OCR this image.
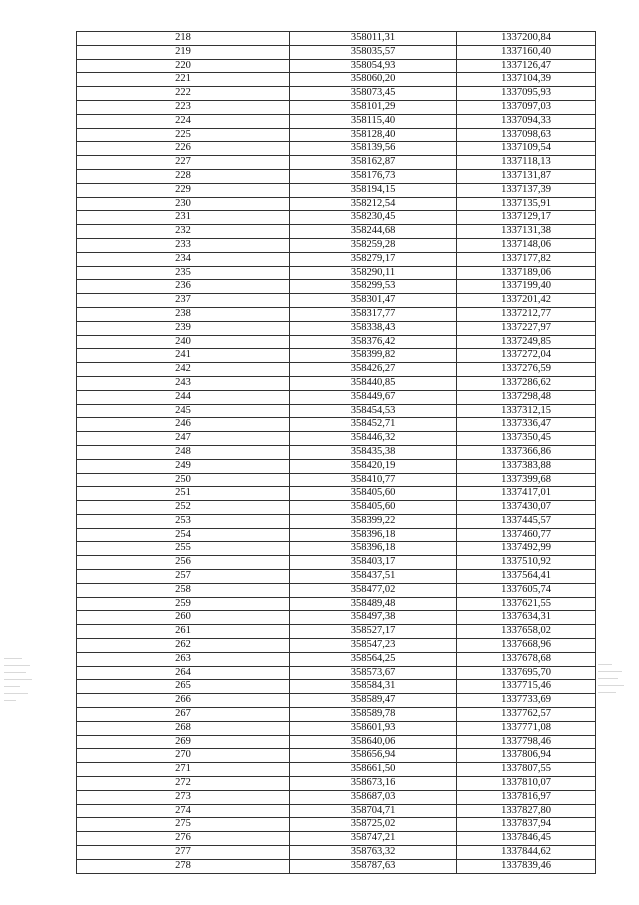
218	358011,31	1337200,84
219	358035,57	1337160,40
220	358054,93	1337126,47
221	358060,20	1337104,39
222	358073,45	1337095,93
223	358101,29	1337097,03
224	358115,40	1337094,33
225	358128,40	1337098,63
226	358139,56	1337109,54
227	358162,87	1337118,13
228	358176,73	1337131,87
229	358194,15	1337137,39
230	358212,54	1337135,91
231	358230,45	1337129,17
232	358244,68	1337131,38
233	358259,28	1337148,06
234	358279,17	1337177,82
235	358290,11	1337189,06
236	358299,53	1337199,40
237	358301,47	1337201,42
238	358317,77	1337212,77
239	358338,43	1337227,97
240	358376,42	1337249,85
241	358399,82	1337272,04
242	358426,27	1337276,59
243	358440,85	1337286,62
244	358449,67	1337298,48
245	358454,53	1337312,15
246	358452,71	1337336,47
247	358446,32	1337350,45
248	358435,38	1337366,86
249	358420,19	1337383,88
250	358410,77	1337399,68
251	358405,60	1337417,01
252	358405,60	1337430,07
253	358399,22	1337445,57
254	358396,18	1337460,77
255	358396,18	1337492,99
256	358403,17	1337510,92
257	358437,51	1337564,41
258	358477,02	1337605,74
259	358489,48	1337621,55
260	358497,38	1337634,31
261	358527,17	1337658,02
262	358547,23	1337668,96
263	358564,25	1337678,68
264	358573,67	1337695,70
265	358584,31	1337715,46
266	358589,47	1337733,69
267	358589,78	1337762,57
268	358601,93	1337771,08
269	358640,06	1337798,46
270	358656,94	1337806,94
271	358661,50	1337807,55
272	358673,16	1337810,07
273	358687,03	1337816,97
274	358704,71	1337827,80
275	358725,02	1337837,94
276	358747,21	1337846,45
277	358763,32	1337844,62
278	358787,63	1337839,46
